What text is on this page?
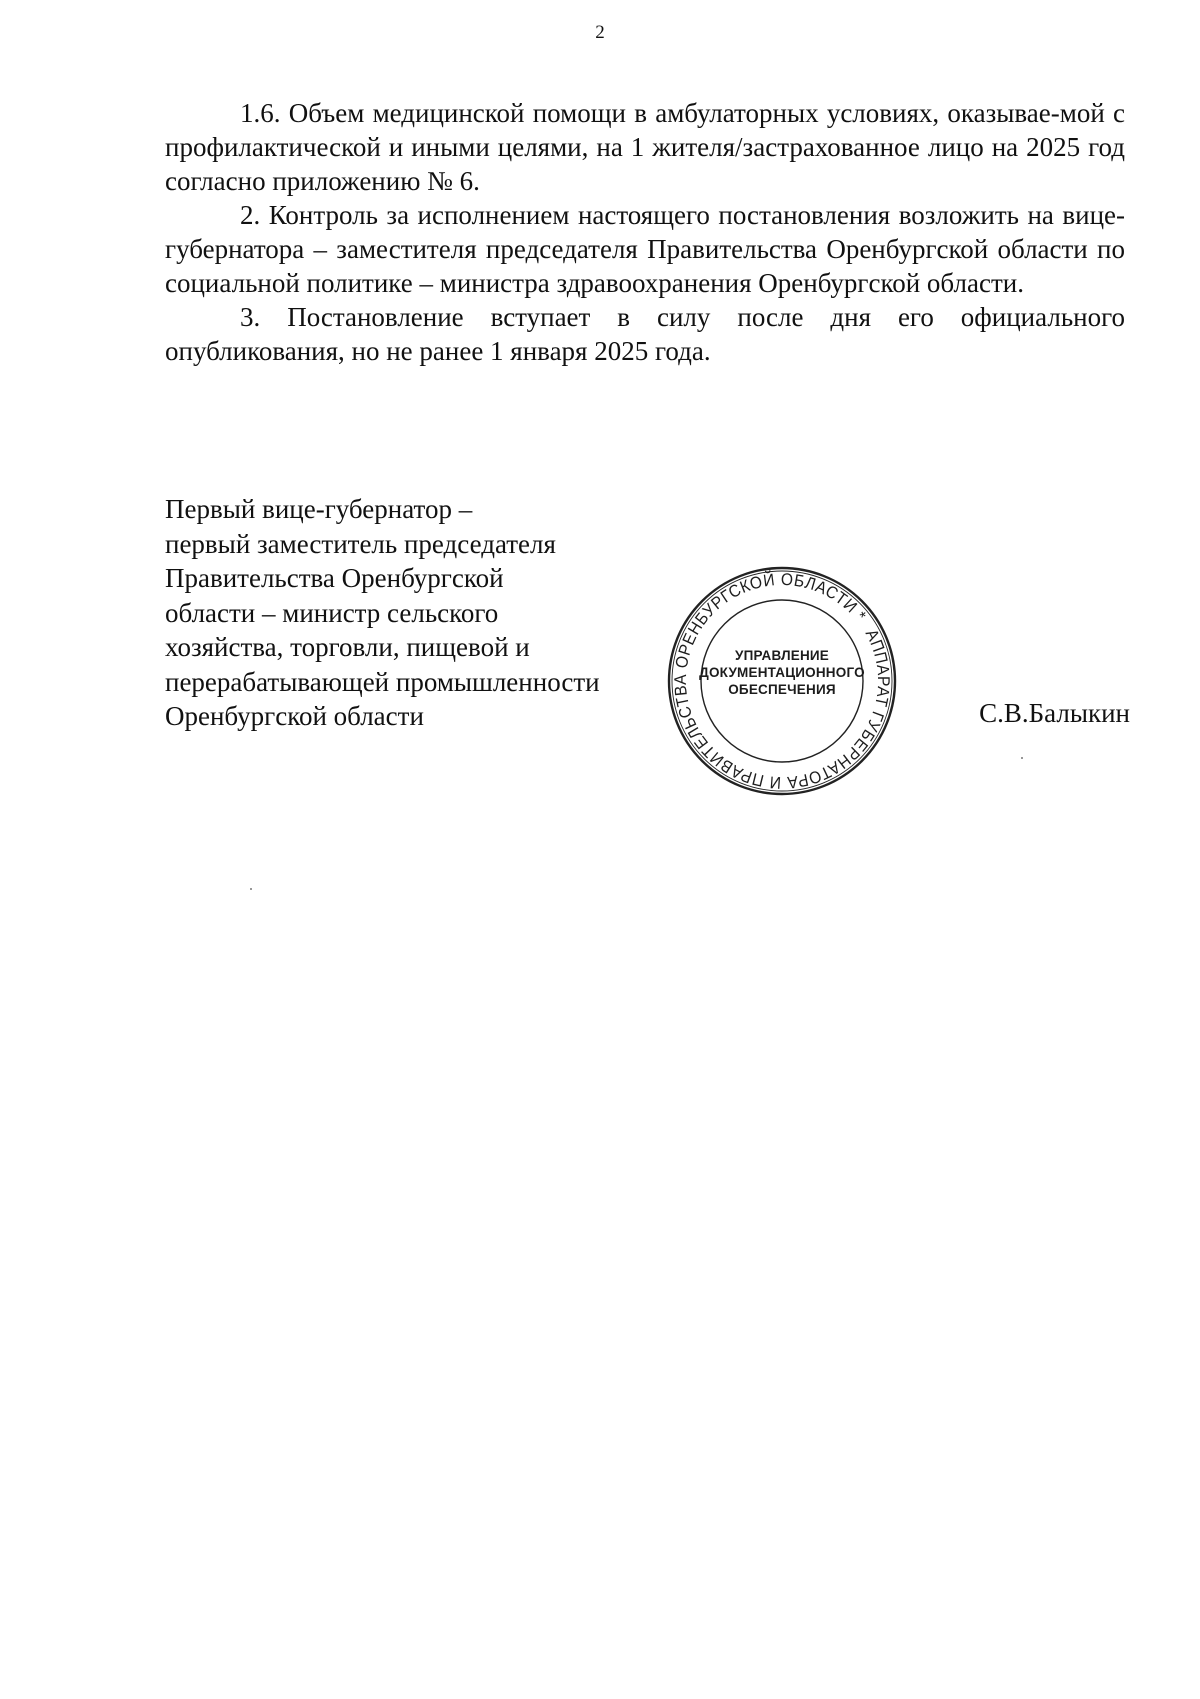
2

1.6. Объем медицинской помощи в амбулаторных условиях, оказывае-мой с профилактической и иными целями, на 1 жителя/застрахованное лицо на 2025 год согласно приложению № 6.

2. Контроль за исполнением настоящего постановления возложить на вице-губернатора – заместителя председателя Правительства Оренбургской области по социальной политике – министра здравоохранения Оренбургской области.

3. Постановление вступает в силу после дня его официального опубликования, но не ранее 1 января 2025 года.

Первый вице-губернатор –
первый заместитель председателя
Правительства Оренбургской
области – министр сельского
хозяйства, торговли, пищевой и
перерабатывающей промышленности
Оренбургской области
АППАРАТ ГУБЕРНАТОРА И ПРАВИТЕЛЬСТВА ОРЕНБУРГСКОЙ ОБЛАСТИ *
УПРАВЛЕНИЕ
ДОКУМЕНТАЦИОННОГО
ОБЕСПЕЧЕНИЯ
С.В.Балыкин
